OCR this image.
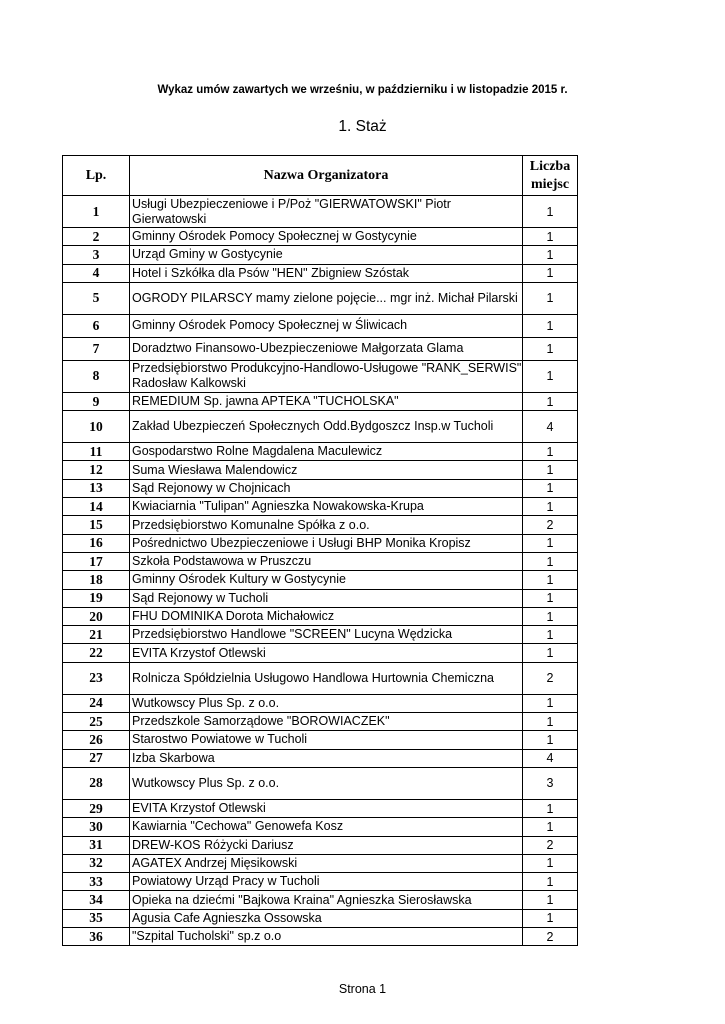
Wykaz umów zawartych we wrześniu, w październiku i w listopadzie 2015 r.
1. Staż
Lp.	Nazwa Organizatora	Liczba miejsc
1	Usługi Ubezpieczeniowe i P/Poż "GIERWATOWSKI" Piotr Gierwatowski	1
2	Gminny Ośrodek Pomocy Społecznej w Gostycynie	1
3	Urząd Gminy w Gostycynie	1
4	Hotel i Szkółka dla Psów "HEN" Zbigniew Szóstak	1
5	OGRODY PILARSCY mamy zielone pojęcie... mgr inż. Michał Pilarski	1
6	Gminny Ośrodek Pomocy Społecznej w Śliwicach	1
7	Doradztwo Finansowo-Ubezpieczeniowe Małgorzata Glama	1
8	Przedsiębiorstwo Produkcyjno-Handlowo-Usługowe "RANK_SERWIS" Radosław Kalkowski	1
9	REMEDIUM Sp. jawna APTEKA "TUCHOLSKA"	1
10	Zakład Ubezpieczeń Społecznych Odd.Bydgoszcz Insp.w Tucholi	4
11	Gospodarstwo Rolne Magdalena Maculewicz	1
12	Suma Wiesława Malendowicz	1
13	Sąd Rejonowy w Chojnicach	1
14	Kwiaciarnia "Tulipan" Agnieszka Nowakowska-Krupa	1
15	Przedsiębiorstwo Komunalne Spółka z o.o.	2
16	Pośrednictwo Ubezpieczeniowe i Usługi BHP Monika Kropisz	1
17	Szkoła Podstawowa w Pruszczu	1
18	Gminny Ośrodek Kultury w Gostycynie	1
19	Sąd Rejonowy w Tucholi	1
20	FHU DOMINIKA Dorota Michałowicz	1
21	Przedsiębiorstwo Handlowe "SCREEN" Lucyna Wędzicka	1
22	EVITA Krzystof Otlewski	1
23	Rolnicza Spółdzielnia Usługowo Handlowa Hurtownia Chemiczna	2
24	Wutkowscy Plus Sp. z o.o.	1
25	Przedszkole Samorządowe "BOROWIACZEK"	1
26	Starostwo Powiatowe w Tucholi	1
27	Izba Skarbowa	4
28	Wutkowscy Plus Sp. z o.o.	3
29	EVITA Krzystof Otlewski	1
30	Kawiarnia "Cechowa" Genowefa Kosz	1
31	DREW-KOS Różycki Dariusz	2
32	AGATEX Andrzej Mięsikowski	1
33	Powiatowy Urząd Pracy w Tucholi	1
34	Opieka na dziećmi "Bajkowa Kraina" Agnieszka Sierosławska	1
35	Agusia Cafe Agnieszka Ossowska	1
36	"Szpital Tucholski" sp.z o.o	2
Strona 1
